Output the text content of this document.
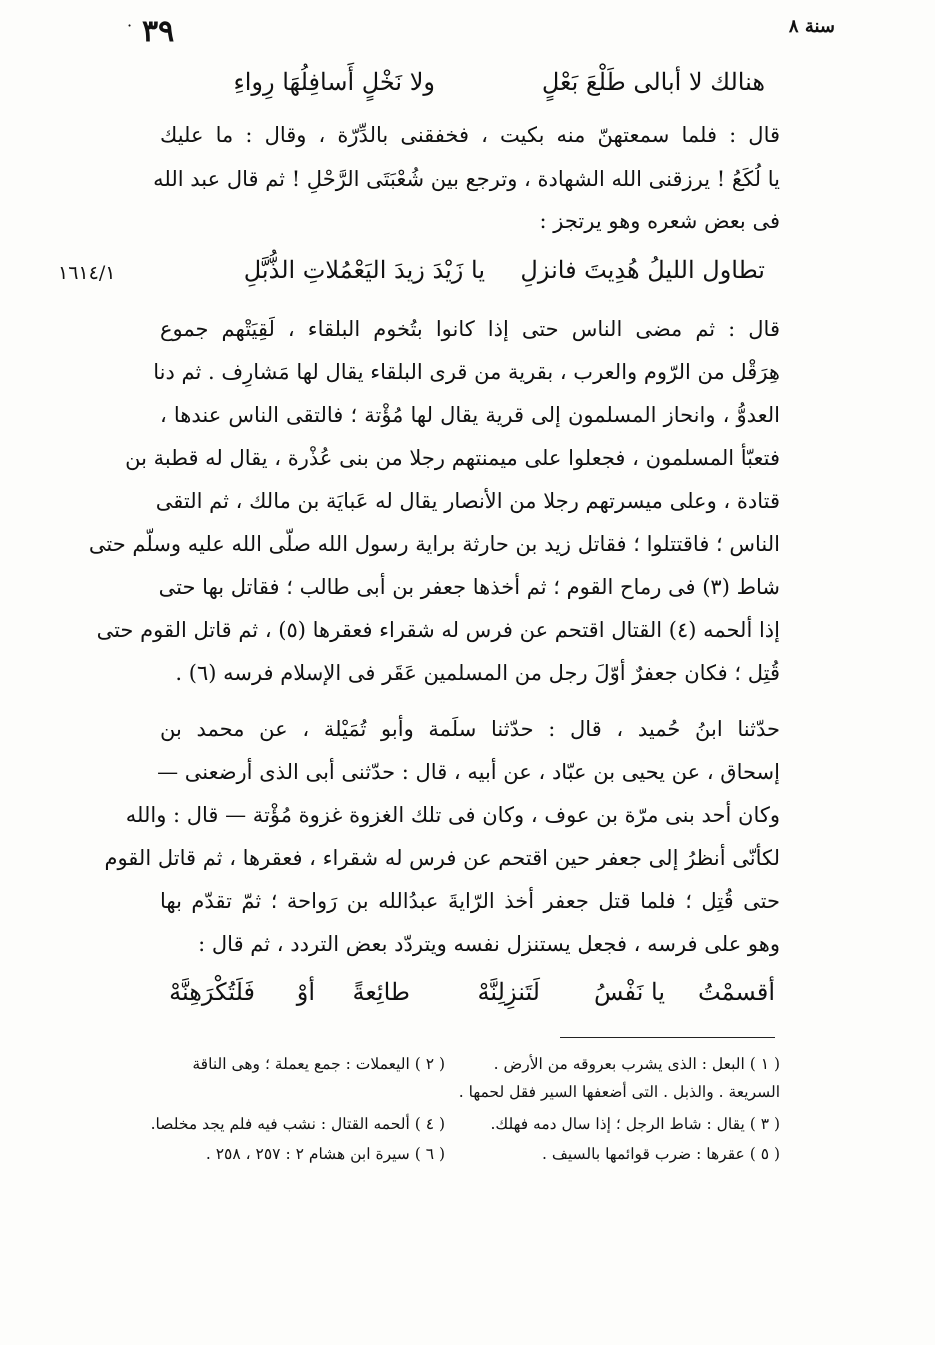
· ٣٩	سنة ٨
هنالك لا أبالى طَلْعَ بَعْلٍ
ولا نَخْلٍ أَسافِلُهَا رِواءِ
قال : فلما سمعتهنّ منه بكيت ، فخفقنى بالدِّرّة ، وقال : ما عليك
يا لُكَعُ ! يرزقنى الله الشهادة ، وترجع بين شُعْبَتَى الرَّحْلِ ! ثم قال عبد الله
فى بعض شعره وهو يرتجز :
يا زَيْدَ زيدَ اليَعْمُلاتِ الذُّبَّلِ تطاول الليلُ هُدِيتَ فانزلِ
١٦١٤/١
قال : ثم مضى الناس حتى إذا كانوا بتُخوم البلقاء ، لَقِيَتْهم جموع
هِرَقْل من الرّوم والعرب ، بقرية من قرى البلقاء يقال لها مَشارِف . ثم دنا
العدوُّ ، وانحاز المسلمون إلى قرية يقال لها مُؤْتة ؛ فالتقى الناس عندها ،
فتعبّأ المسلمون ، فجعلوا على ميمنتهم رجلا من بنى عُذْرة ، يقال له قطبة بن
قتادة ، وعلى ميسرتهم رجلا من الأنصار يقال له عَبايَة بن مالك ، ثم التقى
الناس ؛ فاقتتلوا ؛ فقاتل زيد بن حارثة براية رسول الله صلّى الله عليه وسلّم حتى
شاط (٣) فى رماح القوم ؛ ثم أخذها جعفر بن أبى طالب ؛ فقاتل بها حتى
إذا ألحمه (٤) القتال اقتحم عن فرس له شقراء فعقرها (٥) ، ثم قاتل القوم حتى
قُتِل ؛ فكان جعفرٌ أوّلَ رجل من المسلمين عَقَر فى الإسلام فرسه (٦) .
حدّثنا ابنُ حُميد ، قال : حدّثنا سلَمة وأبو تُمَيْلة ، عن محمد بن
إسحاق ، عن يحيى بن عبّاد ، عن أبيه ، قال : حدّثنى أبى الذى أرضعنى —
وكان أحد بنى مرّة بن عوف ، وكان فى تلك الغزوة غزوة مُؤْتة — قال : والله
لكأنّى أنظرُ إلى جعفر حين اقتحم عن فرس له شقراء ، فعقرها ، ثم قاتل القوم
حتى قُتِل ؛ فلما قتل جعفر أخذ الرّايةَ عبدُالله بن رَواحة ؛ ثمّ تقدّم بها
وهو على فرسه ، فجعل يستنزل نفسه ويتردّد بعض التردد ، ثم قال :
أقسمْتُ
يا نَفْسُ
لَتَنزِلِنَّهْ
طائِعةً
أوْ
فَلَتُكْرَهِنَّهْ
( ١ ) البعل : الذى يشرب بعروقه من الأرض .
( ٢ ) اليعملات : جمع يعملة ؛ وهى الناقة
السريعة . والذبل . التى أضعفها السير فقل لحمها .
( ٣ ) يقال : شاط الرجل ؛ إذا سال دمه فهلك.
( ٤ ) ألحمه القتال : نشب فيه فلم يجد مخلصا.
( ٥ ) عقرها : ضرب قوائمها بالسيف .
( ٦ ) سيرة ابن هشام ٢ : ٢٥٧ ، ٢٥٨ .
